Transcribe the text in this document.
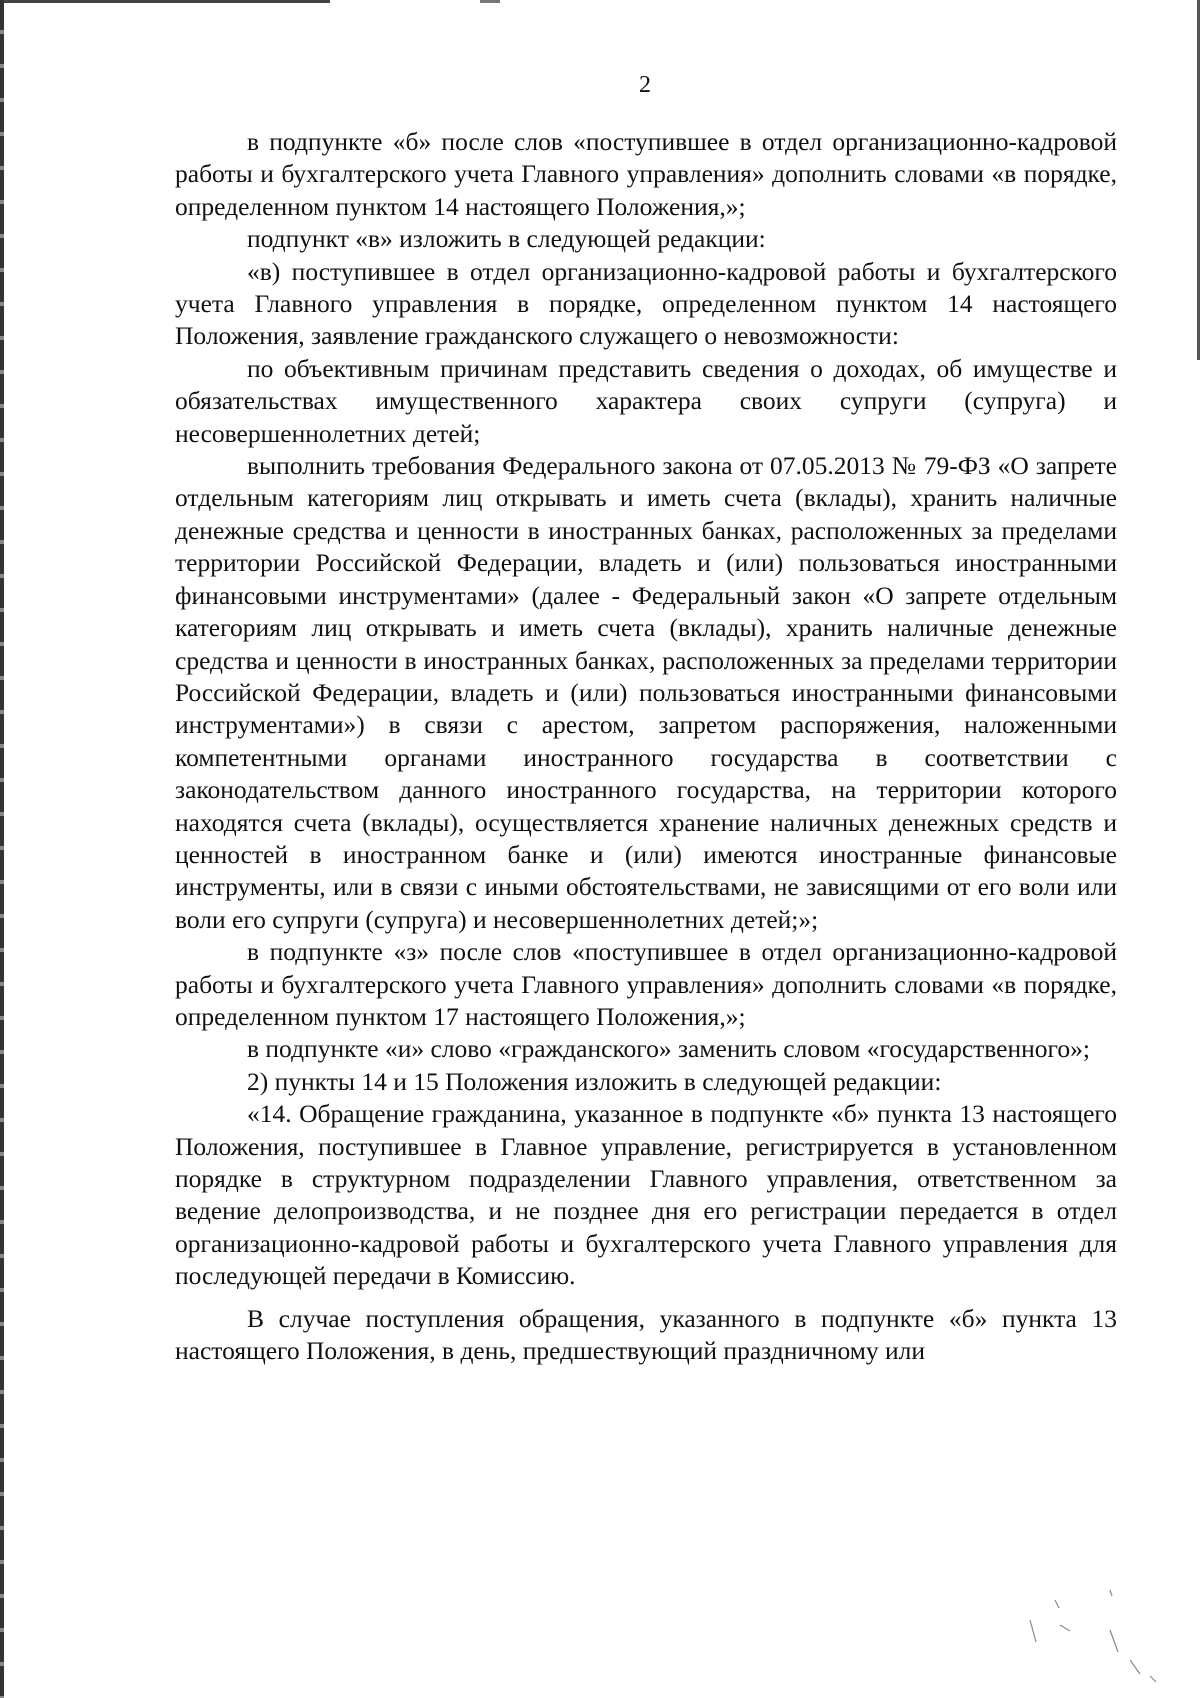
2

в подпункте «б» после слов «поступившее в отдел организационно-кадровой работы и бухгалтерского учета Главного управления» дополнить словами «в порядке, определенном пунктом 14 настоящего Положения,»;

подпункт «в» изложить в следующей редакции:

«в) поступившее в отдел организационно-кадровой работы и бухгалтерского учета Главного управления в порядке, определенном пунктом 14 настоящего Положения, заявление гражданского служащего о невозможности:

по объективным причинам представить сведения о доходах, об имуществе и обязательствах имущественного характера своих супруги (супруга) и несовершеннолетних детей;

выполнить требования Федерального закона от 07.05.2013 № 79-ФЗ «О запрете отдельным категориям лиц открывать и иметь счета (вклады), хранить наличные денежные средства и ценности в иностранных банках, расположенных за пределами территории Российской Федерации, владеть и (или) пользоваться иностранными финансовыми инструментами» (далее - Федеральный закон «О запрете отдельным категориям лиц открывать и иметь счета (вклады), хранить наличные денежные средства и ценности в иностранных банках, расположенных за пределами территории Российской Федерации, владеть и (или) пользоваться иностранными финансовыми инструментами») в связи с арестом, запретом распоряжения, наложенными компетентными органами иностранного государства в соответствии с законодательством данного иностранного государства, на территории которого находятся счета (вклады), осуществляется хранение наличных денежных средств и ценностей в иностранном банке и (или) имеются иностранные финансовые инструменты, или в связи с иными обстоятельствами, не зависящими от его воли или воли его супруги (супруга) и несовершеннолетних детей;»;

в подпункте «з» после слов «поступившее в отдел организационно-кадровой работы и бухгалтерского учета Главного управления» дополнить словами «в порядке, определенном пунктом 17 настоящего Положения,»;

в подпункте «и» слово «гражданского» заменить словом «государственного»;

2) пункты 14 и 15 Положения изложить в следующей редакции:

«14. Обращение гражданина, указанное в подпункте «б» пункта 13 настоящего Положения, поступившее в Главное управление, регистрируется в установленном порядке в структурном подразделении Главного управления, ответственном за ведение делопроизводства, и не позднее дня его регистрации передается в отдел организационно-кадровой работы и бухгалтерского учета Главного управления для последующей передачи в Комиссию.

В случае поступления обращения, указанного в подпункте «б» пункта 13 настоящего Положения, в день, предшествующий праздничному или
